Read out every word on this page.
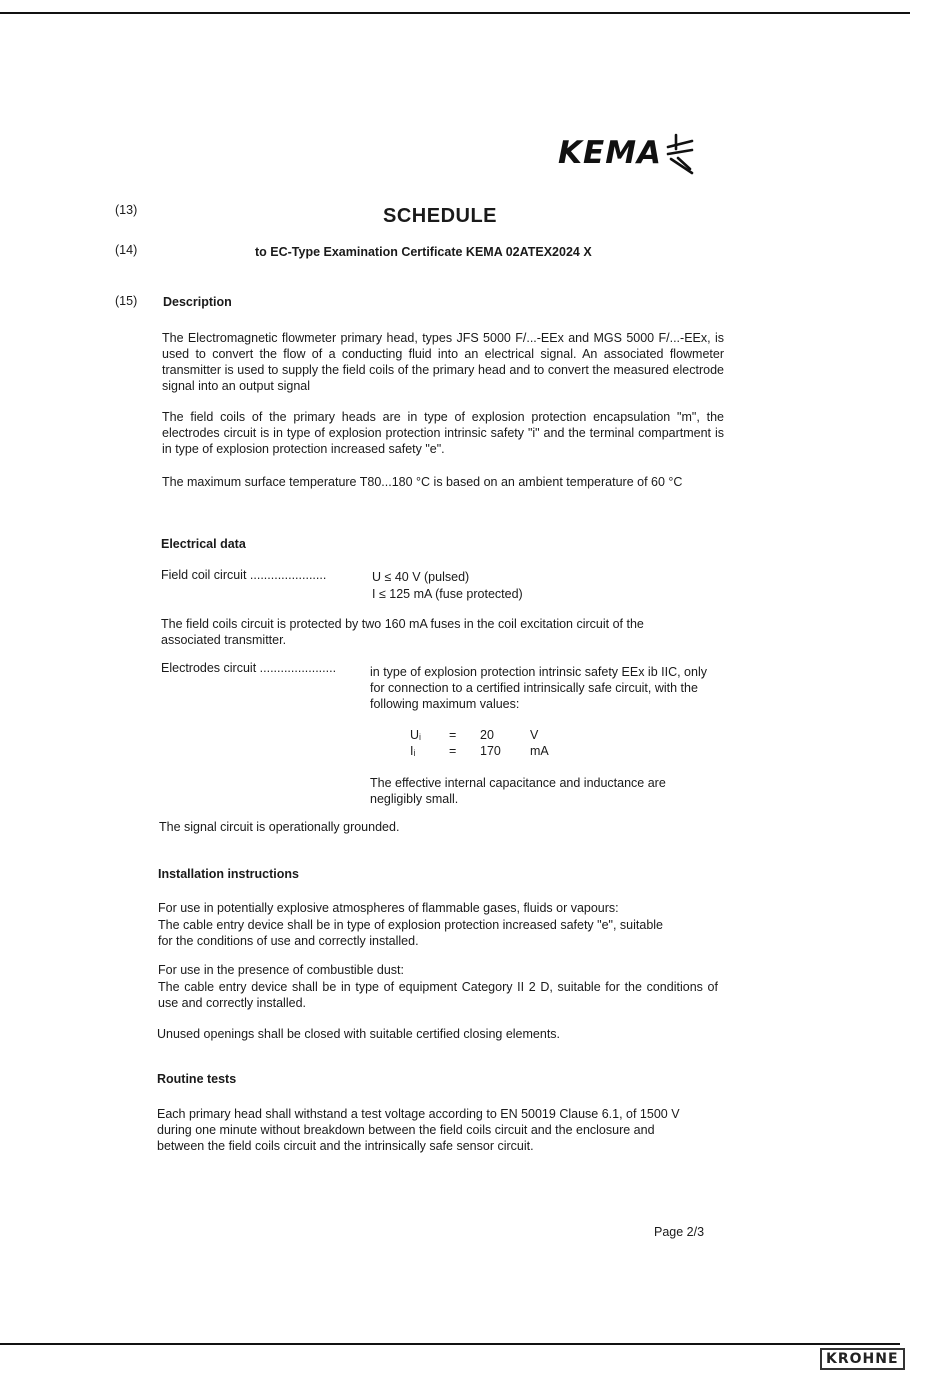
KEMA
(13)	SCHEDULE
(14)	to EC-Type Examination Certificate KEMA 02ATEX2024 X
(15) Description
The Electromagnetic flowmeter primary head, types JFS 5000 F/...-EEx and MGS 5000 F/...-EEx, is used to convert the flow of a conducting fluid into an electrical signal. An associated flowmeter transmitter is used to supply the field coils of the primary head and to convert the measured electrode signal into an output signal
The field coils of the primary heads are in type of explosion protection encapsulation "m", the electrodes circuit is in type of explosion protection intrinsic safety "i" and the terminal compartment is in type of explosion protection increased safety "e".
The maximum surface temperature T80...180 °C is based on an ambient temperature of 60 °C
Electrical data
Field coil circuit ......................	U ≤ 40 V (pulsed)
I ≤ 125 mA (fuse protected)
The field coils circuit is protected by two 160 mA fuses in the coil excitation circuit of the associated transmitter.
Electrodes circuit ......................	in type of explosion protection intrinsic safety EEx ib IIC, only for connection to a certified intrinsically safe circuit, with the following maximum values:
Uᵢ = 20	V
Iᵢ	= 170 mA
The effective internal capacitance and inductance are negligibly small.
The signal circuit is operationally grounded.
Installation instructions
For use in potentially explosive atmospheres of flammable gases, fluids or vapours:
The cable entry device shall be in type of explosion protection increased safety "e", suitable for the conditions of use and correctly installed.
For use in the presence of combustible dust:
The cable entry device shall be in type of equipment Category II 2 D, suitable for the conditions of use and correctly installed.
Unused openings shall be closed with suitable certified closing elements.
Routine tests
Each primary head shall withstand a test voltage according to EN 50019 Clause 6.1, of 1500 V during one minute without breakdown between the field coils circuit and the enclosure and between the field coils circuit and the intrinsically safe sensor circuit.
Page 2/3
KROHNE
